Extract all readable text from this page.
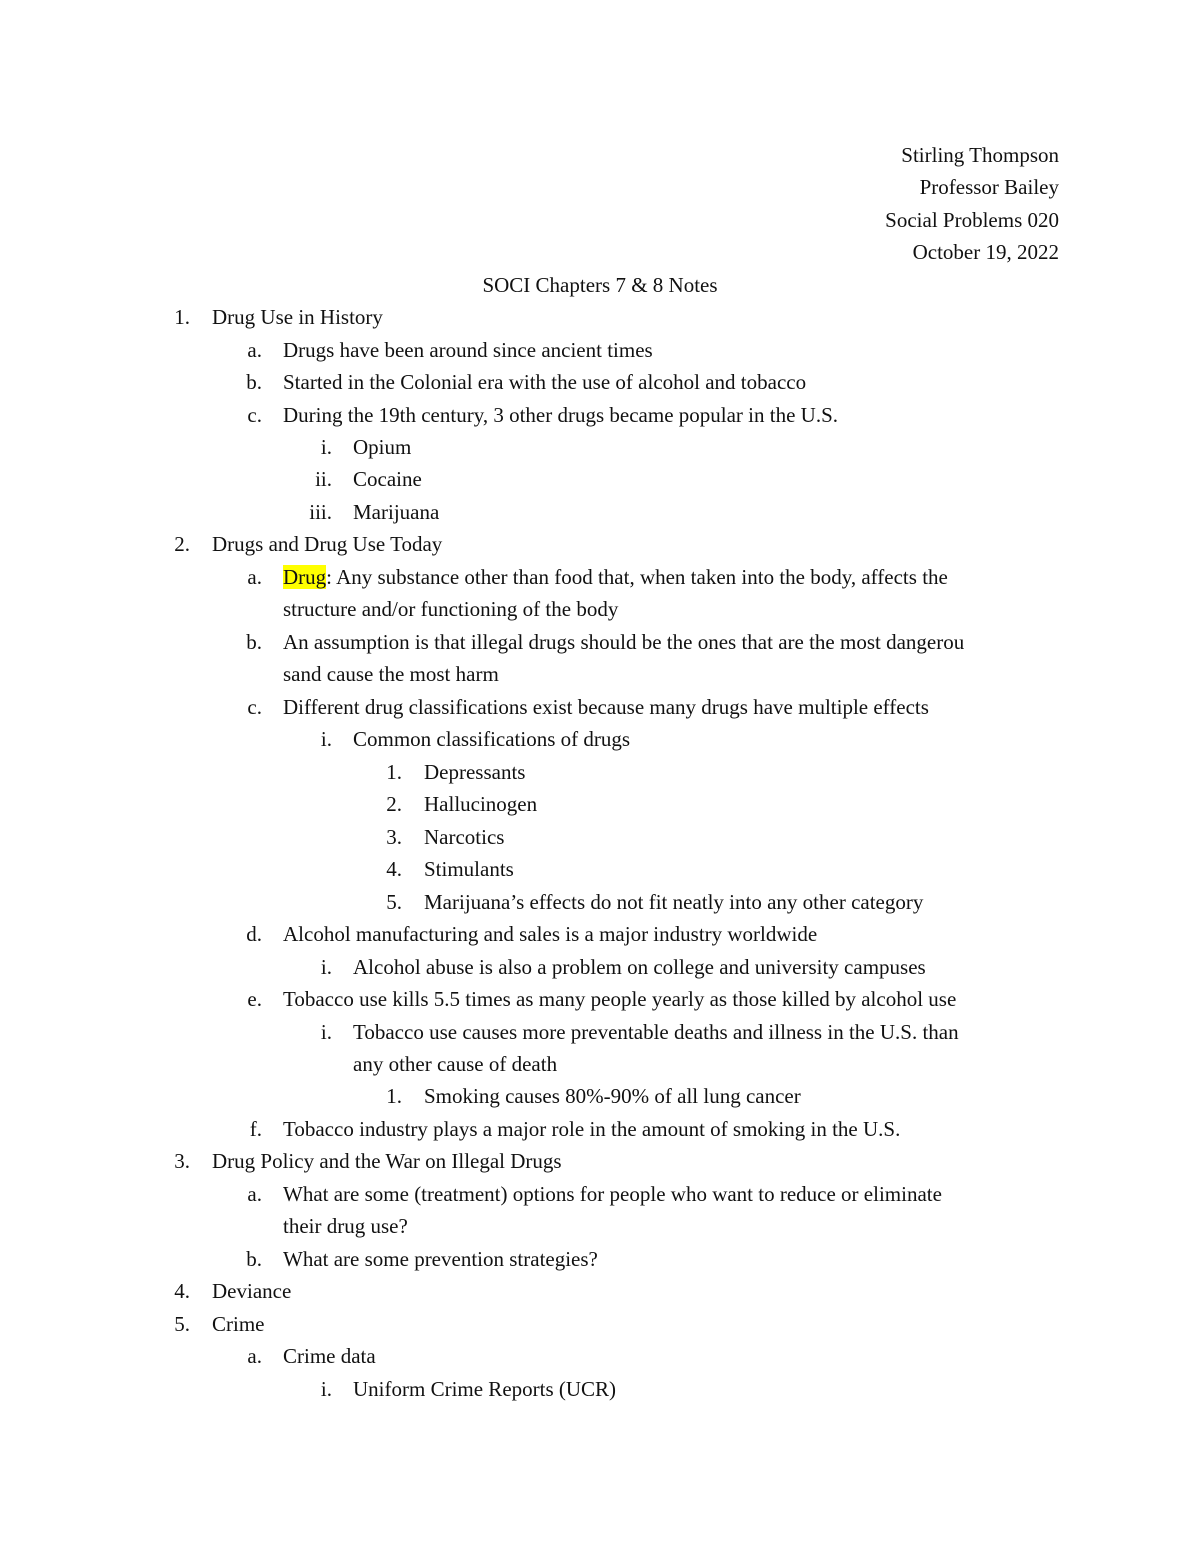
Stirling Thompson
Professor Bailey
Social Problems 020
October 19, 2022
SOCI Chapters 7 & 8 Notes
1. Drug Use in History
a. Drugs have been around since ancient times
b. Started in the Colonial era with the use of alcohol and tobacco
c. During the 19th century, 3 other drugs became popular in the U.S.
i. Opium
ii. Cocaine
iii. Marijuana
2. Drugs and Drug Use Today
a. Drug: Any substance other than food that, when taken into the body, affects the
structure and/or functioning of the body
b. An assumption is that illegal drugs should be the ones that are the most dangerou
sand cause the most harm
c. Different drug classifications exist because many drugs have multiple effects
i. Common classifications of drugs
1. Depressants
2. Hallucinogen
3. Narcotics
4. Stimulants
5. Marijuana’s effects do not fit neatly into any other category
d. Alcohol manufacturing and sales is a major industry worldwide
i. Alcohol abuse is also a problem on college and university campuses
e. Tobacco use kills 5.5 times as many people yearly as those killed by alcohol use
i. Tobacco use causes more preventable deaths and illness in the U.S. than
any other cause of death
1. Smoking causes 80%-90% of all lung cancer
f. Tobacco industry plays a major role in the amount of smoking in the U.S.
3. Drug Policy and the War on Illegal Drugs
a. What are some (treatment) options for people who want to reduce or eliminate
their drug use?
b. What are some prevention strategies?
4. Deviance
5. Crime
a. Crime data
i. Uniform Crime Reports (UCR)
